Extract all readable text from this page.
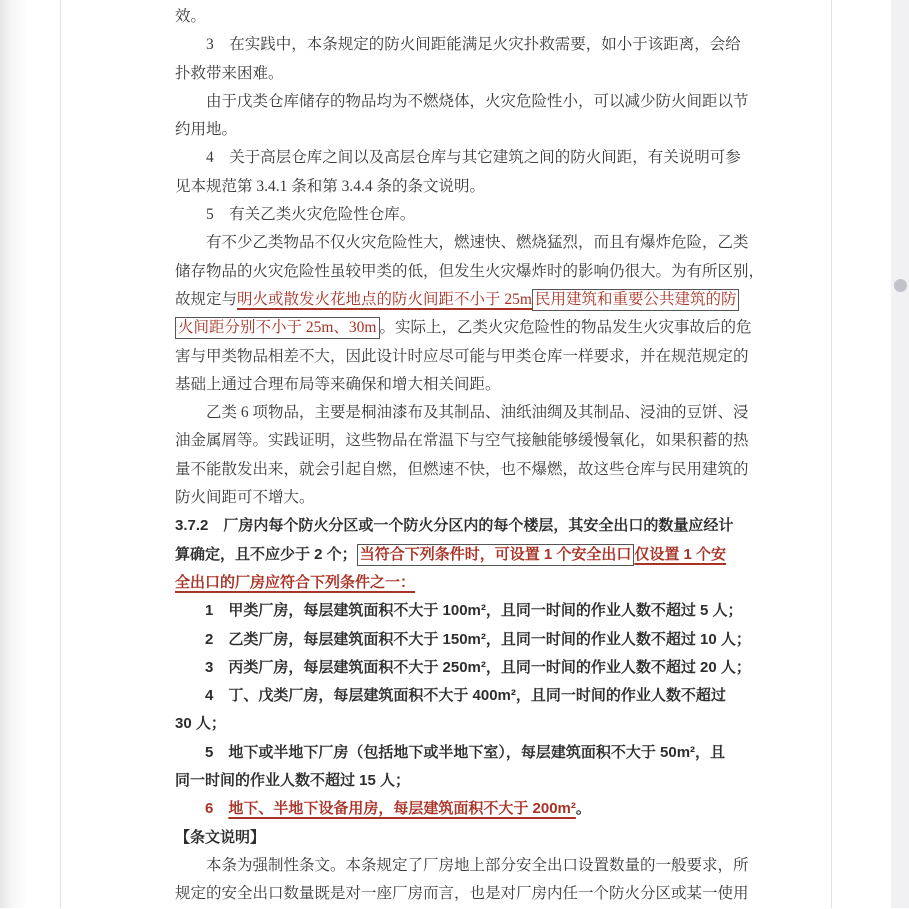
效。
　　3　在实践中，本条规定的防火间距能满足火灾扑救需要，如小于该距离，会给
扑救带来困难。
　　由于戊类仓库储存的物品均为不燃烧体，火灾危险性小，可以减少防火间距以节
约用地。
　　4　关于高层仓库之间以及高层仓库与其它建筑之间的防火间距，有关说明可参
见本规范第 3.4.1 条和第 3.4.4 条的条文说明。
　　5　有关乙类火灾危险性仓库。
　　有不少乙类物品不仅火灾危险性大，燃速快、燃烧猛烈，而且有爆炸危险，乙类
储存物品的火灾危险性虽较甲类的低，但发生火灾爆炸时的影响仍很大。为有所区别，
故规定与明火或散发火花地点的防火间距不小于 25m 民用建筑和重要公共建筑的防
火间距分别不小于 25m、30m 。实际上，乙类火灾危险性的物品发生火灾事故后的危
害与甲类物品相差不大，因此设计时应尽可能与甲类仓库一样要求，并在规范规定的
基础上通过合理布局等来确保和增大相关间距。
　　乙类 6 项物品，主要是桐油漆布及其制品、油纸油绸及其制品、浸油的豆饼、浸
油金属屑等。实践证明，这些物品在常温下与空气接触能够缓慢氧化，如果积蓄的热
量不能散发出来，就会引起自燃，但燃速不快，也不爆燃，故这些仓库与民用建筑的
防火间距可不增大。
3.7.2　厂房内每个防火分区或一个防火分区内的每个楼层，其安全出口的数量应经计
算确定，且不应少于 2 个； 当符合下列条件时，可设置 1 个安全出口 仅设置 1 个安
全出口的厂房应符合下列条件之一：
　　1　甲类厂房，每层建筑面积不大于 100m²，且同一时间的作业人数不超过 5 人；
　　2　乙类厂房，每层建筑面积不大于 150m²，且同一时间的作业人数不超过 10 人；
　　3　丙类厂房，每层建筑面积不大于 250m²，且同一时间的作业人数不超过 20 人；
　　4　丁、戊类厂房，每层建筑面积不大于 400m²，且同一时间的作业人数不超过
30 人；
　　5　地下或半地下厂房（包括地下或半地下室），每层建筑面积不大于 50m²，且
同一时间的作业人数不超过 15 人；
　　6　地下、半地下设备用房，每层建筑面积不大于 200m²。
【条文说明】
　　本条为强制性条文。本条规定了厂房地上部分安全出口设置数量的一般要求，所
规定的安全出口数量既是对一座厂房而言，也是对厂房内任一个防火分区或某一使用
